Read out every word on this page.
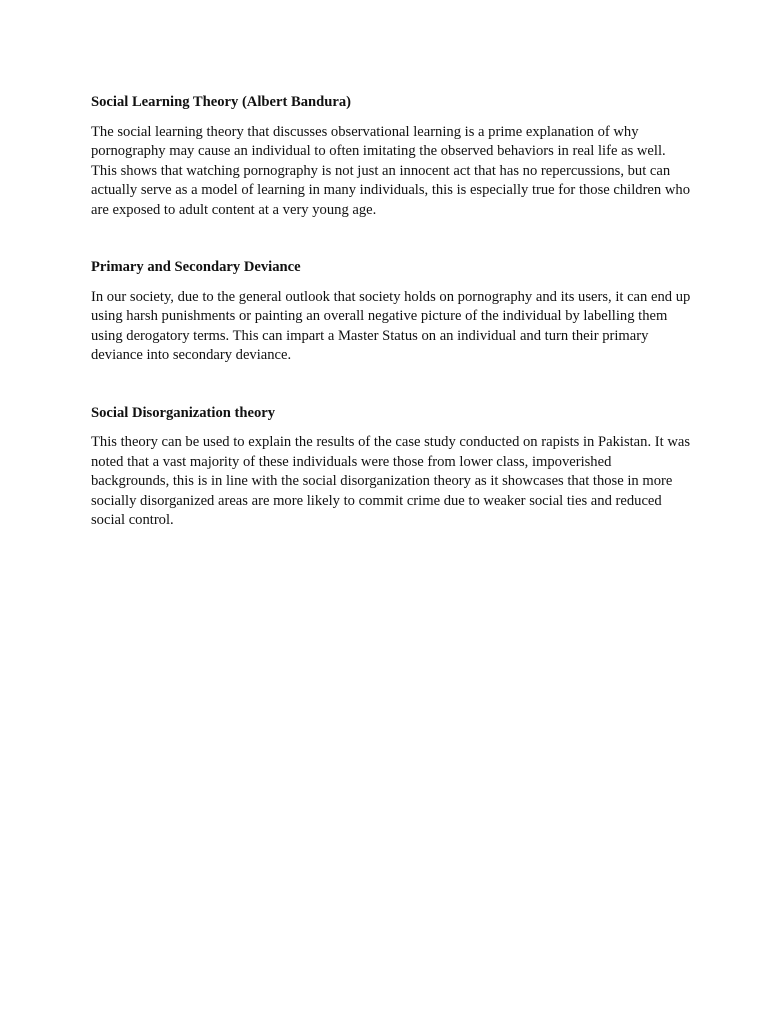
Social Learning Theory (Albert Bandura)

The social learning theory that discusses observational learning is a prime explanation of why pornography may cause an individual to often imitating the observed behaviors in real life as well. This shows that watching pornography is not just an innocent act that has no repercussions, but can actually serve as a model of learning in many individuals, this is especially true for those children who are exposed to adult content at a very young age.

Primary and Secondary Deviance

In our society, due to the general outlook that society holds on pornography and its users, it can end up using harsh punishments or painting an overall negative picture of the individual by labelling them using derogatory terms. This can impart a Master Status on an individual and turn their primary deviance into secondary deviance.

Social Disorganization theory

This theory can be used to explain the results of the case study conducted on rapists in Pakistan. It was noted that a vast majority of these individuals were those from lower class, impoverished backgrounds, this is in line with the social disorganization theory as it showcases that those in more socially disorganized areas are more likely to commit crime due to weaker social ties and reduced social control.
